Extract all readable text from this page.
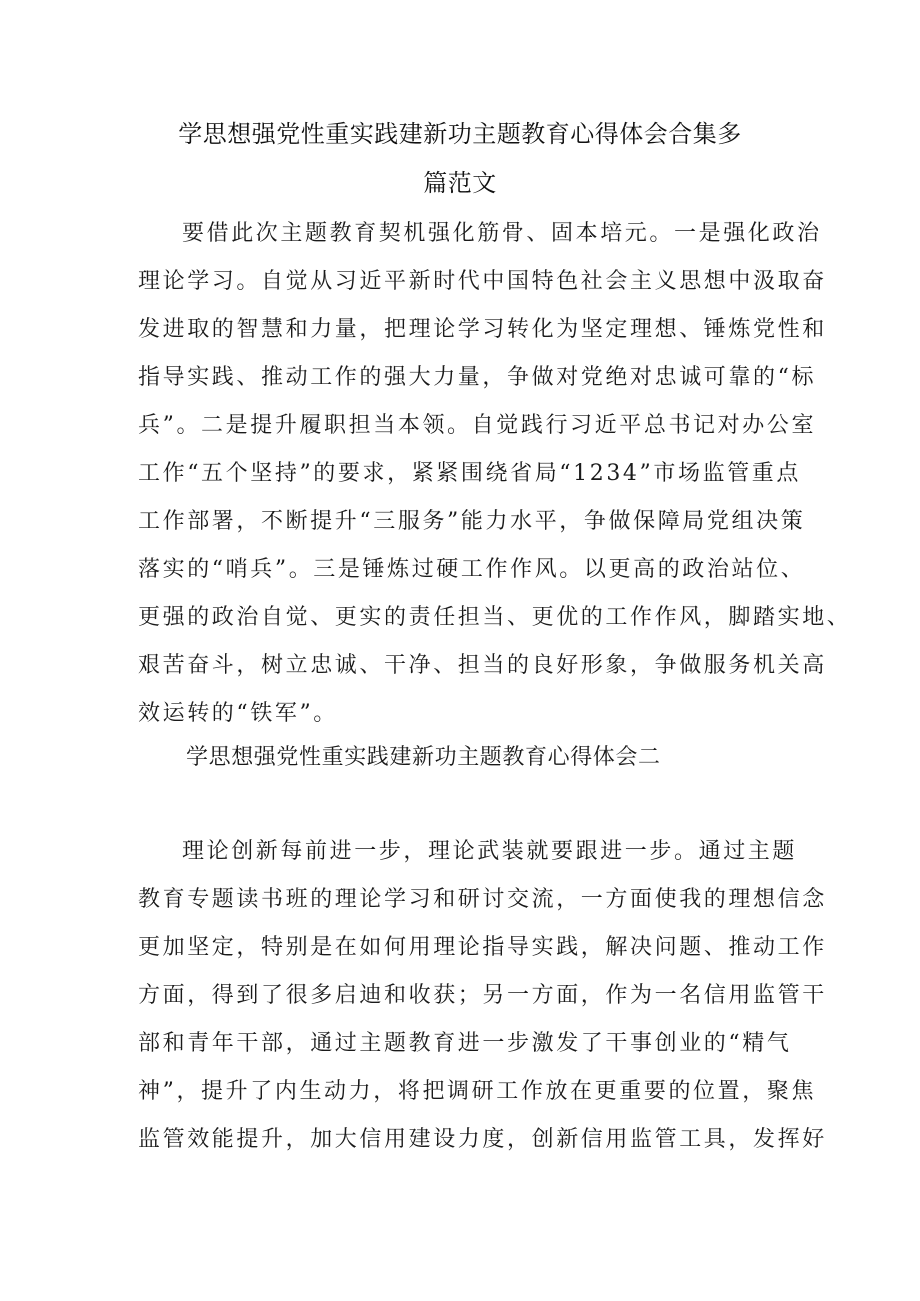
学思想强党性重实践建新功主题教育心得体会合集多
篇范文
要借此次主题教育契机强化筋骨、固本培元。一是强化政治
理论学习。自觉从习近平新时代中国特色社会主义思想中汲取奋
发进取的智慧和力量，把理论学习转化为坚定理想、锤炼党性和
指导实践、推动工作的强大力量，争做对党绝对忠诚可靠的“标
兵”。二是提升履职担当本领。自觉践行习近平总书记对办公室
工作“五个坚持”的要求，紧紧围绕省局“1234”市场监管重点
工作部署，不断提升“三服务”能力水平，争做保障局党组决策
落实的“哨兵”。三是锤炼过硬工作作风。以更高的政治站位、
更强的政治自觉、更实的责任担当、更优的工作作风，脚踏实地、
艰苦奋斗，树立忠诚、干净、担当的良好形象，争做服务机关高
效运转的“铁军”。
学思想强党性重实践建新功主题教育心得体会二
理论创新每前进一步，理论武装就要跟进一步。通过主题
教育专题读书班的理论学习和研讨交流，一方面使我的理想信念
更加坚定，特别是在如何用理论指导实践，解决问题、推动工作
方面，得到了很多启迪和收获；另一方面，作为一名信用监管干
部和青年干部，通过主题教育进一步激发了干事创业的“精气
神”，提升了内生动力，将把调研工作放在更重要的位置，聚焦
监管效能提升，加大信用建设力度，创新信用监管工具，发挥好
